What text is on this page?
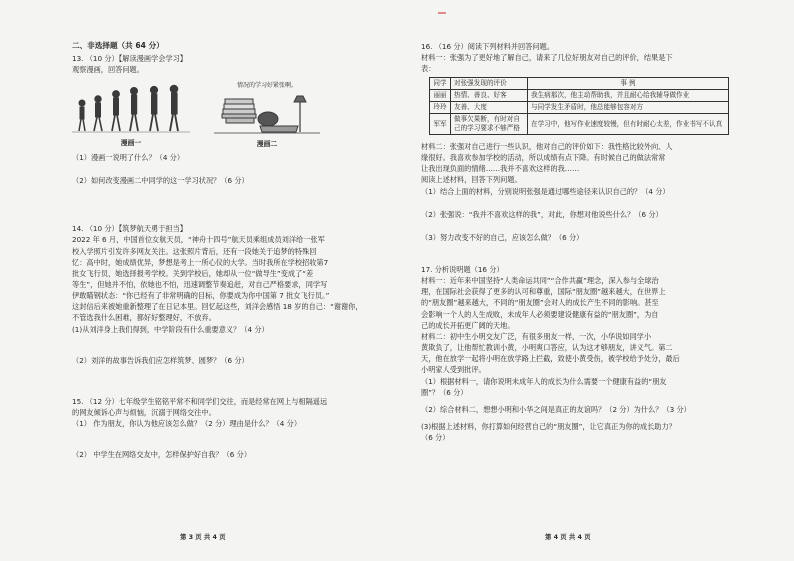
二、非选择题（共 64 分）

13. （10 分）【解读漫画学会学习】

观察漫画，回答问题。

漫画一
情况的学习好紧张啊。
漫画二

（1）漫画一说明了什么？（4 分）

（2）如何改变漫画二中同学的这一学习状况？（6 分）

14. （10 分）【筑梦航天勇于担当】

2022 年 6 月，中国首位女航天员，“神舟十四号”航天员乘组成员刘洋给一张军

校入学照片引发许多网友关注。这张照片背后，还有一段她关于追梦的特殊回

忆：高中时，她成绩优异，梦想是考上一所心仪的大学。当时我所在学校招收第7

批女飞行员，她选择报考学校。关到学校后，她却从一位“做导生”变成了“差

等生”，但她并不怕，依她也不怕，迅速调整节奏追赶，对自己严格要求，同学写

伊敢瞄钢状态：“你已经有了非常明确的目标，你要成为你中国第 7 批女飞行员。”

这封信后来被她重新整理了在日记本里。回忆起这些，刘洋会感悟 18 岁的自己：“谢谢你，

不管选我什么困难，都好好整理好，不放弃。

(1)从刘洋身上我们得到，中学阶段有什么重要意义？（4 分）

（2）刘洋的故事告诉我们应怎样筑梦、圆梦？（6 分）

15. （12 分）七年级学生铭铭平常不和同学们交往，而是经常在网上与相隔遥远

的网友倾诉心声与烦恼，沉溺于网络交往中。

（1） 作为朋友，你认为他应该怎么做？（2 分）理由是什么？（4 分）

（2） 中学生在网络交友中，怎样保护好自我？（6 分）

第 3 页 共 4 页

16. （16 分）阅读下列材料并回答问题。

材料一：张强为了更好地了解自己，请来了几位好朋友对自己的评价，结果是下

表：

同学	对张强发现的评价	事 例
丽丽	热情、善良、好客	我生病那次，他主动帮助我，并且耐心给我辅导做作业
玲玲	友善、大度	与同学发生矛盾时，他总能够包容对方
军军	做事欠果断，有时对自己的学习要求不够严格	在学习中，他写作业速度较慢，但有时耐心太差，作业书写不认真

材料二：张强对自己进行一些认识，他对自己的评价如下：我性格比较外向、人

缘很好。我喜欢参加学校的活动，所以成绩有点下降。有时候自己的做法常常

让我出现负面的情绪……我并不喜欢这样的我……

阅读上述材料，回答下列问题。

（1）结合上面的材料，分别说明张强是通过哪些途径来认识自己的？（4 分）

（2）张强说：“我并不喜欢这样的我”，对此，你想对他说些什么？（6 分）

（3）努力改变不好的自己，应该怎么做？（6 分）

17. 分析说明题（16 分）

材料一：近年来中国坚持“人类命运共同”“合作共赢”理念，深入参与全球治

理，在国际社会获得了更多的认可和尊重，国际“朋友圈”越来越大，在世界上

的“朋友圈”越来越大，不同的“朋友圈”会对人的成长产生不同的影响。甚至

会影响一个人的人生成败，未成年人必须要建设健康有益的“朋友圈”，为自

己的成长开拓更广阔的天地。

材料二：初中生小明交友广泛，有很多朋友一样，一次，小华说如同学小

黄欺负了，让他帮忙教训小黄，小明爽口答应，认为这才够朋友，讲义气。第二

天，他在放学一起将小明在放学路上拦截，致使小黄受伤，被学校给予处分，最后

小明家人受到批评。

（1）根据材料一，请你说明未成年人的成长为什么需要一个健康有益的“朋友

圈”？（6 分）

（2）综合材料二，想想小明和小华之间是真正的友谊吗？（2 分）为什么？（3 分）

(3)根据上述材料，你打算如何经营自己的“朋友圈”，让它真正为你的成长助力？

（6 分）

第 4 页 共 4 页
